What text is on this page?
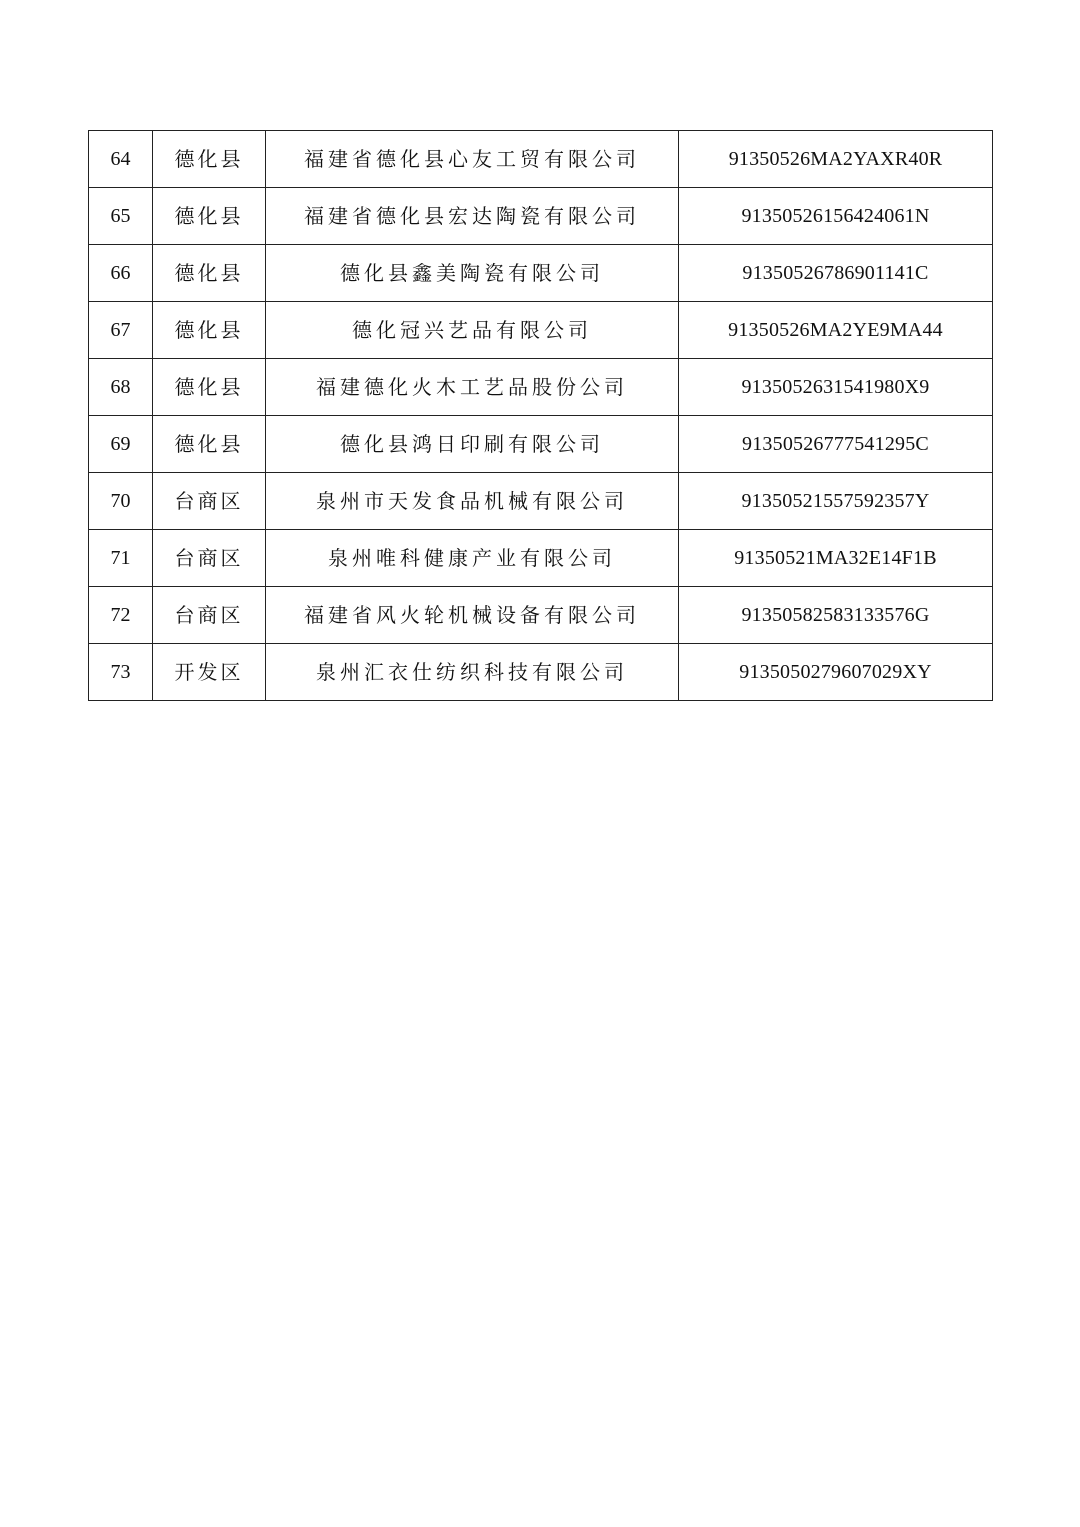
64	德化县	福建省德化县心友工贸有限公司	91350526MA2YAXR40R
65	德化县	福建省德化县宏达陶瓷有限公司	91350526156424061N
66	德化县	德化县鑫美陶瓷有限公司	91350526786901141C
67	德化县	德化冠兴艺品有限公司	91350526MA2YE9MA44
68	德化县	福建德化火木工艺品股份公司	9135052631541980X9
69	德化县	德化县鸿日印刷有限公司	91350526777541295C
70	台商区	泉州市天发食品机械有限公司	91350521557592357Y
71	台商区	泉州唯科健康产业有限公司	91350521MA32E14F1B
72	台商区	福建省风火轮机械设备有限公司	91350582583133576G
73	开发区	泉州汇衣仕纺织科技有限公司	9135050279607029XY
